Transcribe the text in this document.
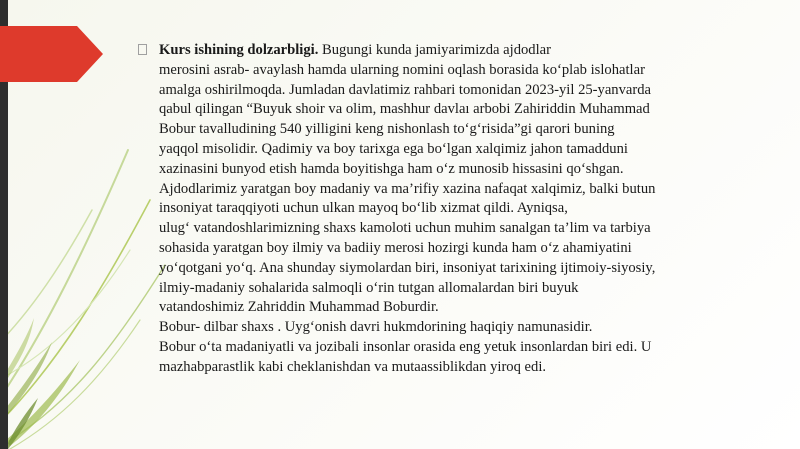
Kurs ishining dolzarbligi. Bugungi kunda jamiyarimizda ajdodlar
merosini asrab- avaylash hamda ularning nomini oqlash borasida ko‘plab islohatlar
amalga oshirilmoqda. Jumladan davlatimiz rahbari tomonidan 2023-yil 25-yanvarda
qabul qilingan “Buyuk shoir va olim, mashhur davlaı arbobi Zahiriddin Muhammad
Bobur tavalludining 540 yilligini keng nishonlash to‘g‘risida”gi qarori buning
yaqqol misolidir. Qadimiy va boy tarixga ega bo‘lgan xalqimiz jahon tamadduni
xazinasini bunyod etish hamda boyitishga ham o‘z munosib hissasini qo‘shgan.
Ajdodlarimiz yaratgan boy madaniy va ma’rifiy xazina nafaqat xalqimiz, balki butun
insoniyat taraqqiyoti uchun ulkan mayoq bo‘lib xizmat qildi. Ayniqsa,
ulug‘ vatandoshlarimizning shaxs kamoloti uchun muhim sanalgan ta’lim va tarbiya
sohasida yaratgan boy ilmiy va badiiy merosi hozirgi kunda ham o‘z ahamiyatini
yo‘qotgani yo‘q. Ana shunday siymolardan biri, insoniyat tarixining ijtimoiy-siyosiy,
ilmiy-madaniy sohalarida salmoqli o‘rin tutgan allomalardan biri buyuk
vatandoshimiz Zahriddin Muhammad Boburdir.
Bobur- dilbar shaxs . Uyg‘onish davri hukmdorining haqiqiy namunasidir.
Bobur o‘ta madaniyatli va jozibali insonlar orasida eng yetuk insonlardan biri edi. U
mazhabparastlik kabi cheklanishdan va mutaassiblikdan yiroq edi.
